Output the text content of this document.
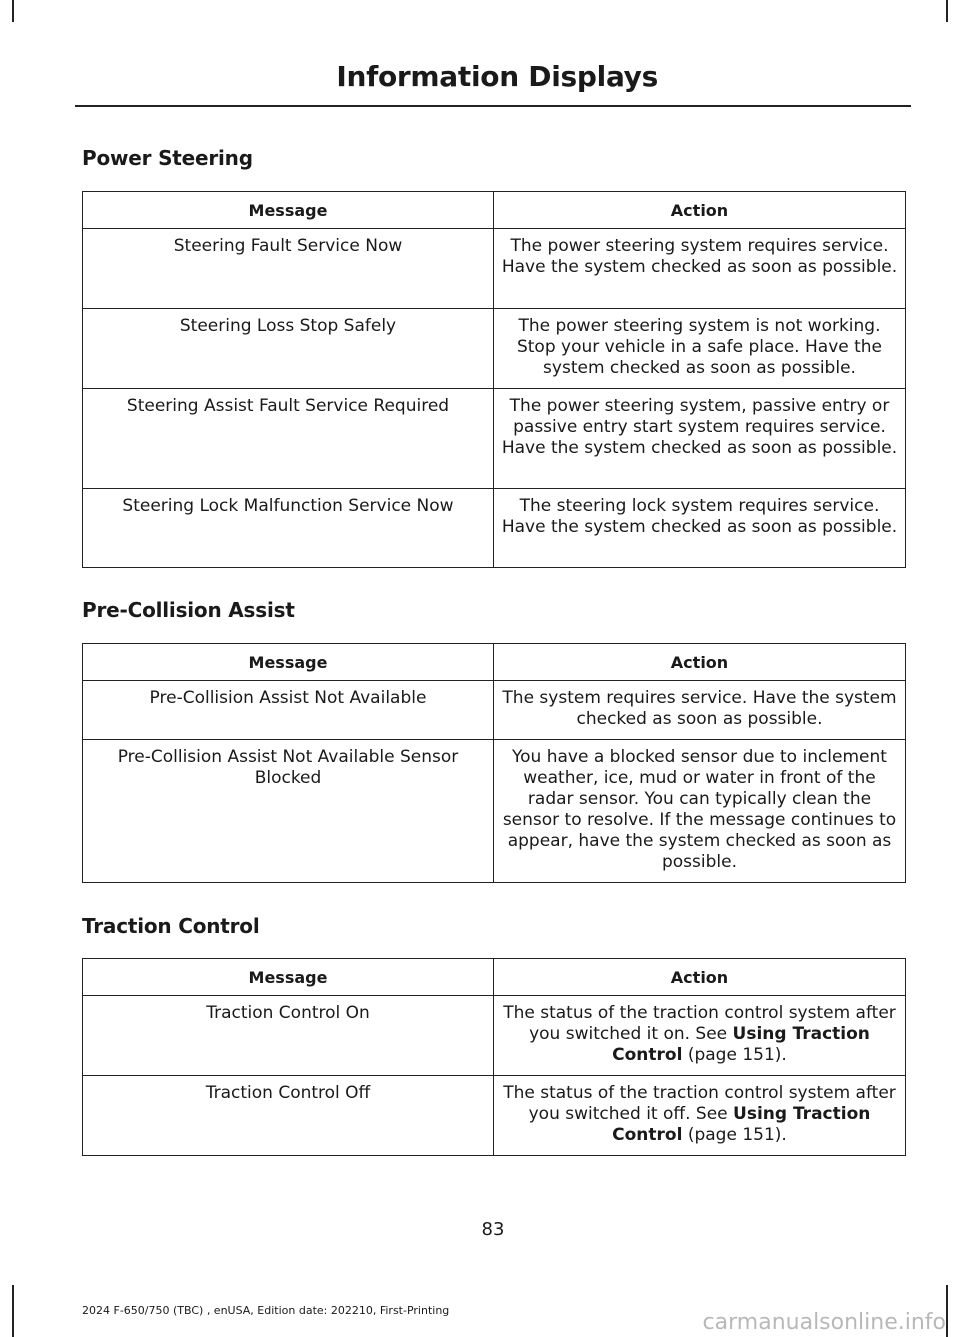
Information Displays
Power Steering
Message	Action
Steering Fault Service Now	The power steering system requires service. Have the system checked as soon as possible.
Steering Loss Stop Safely	The power steering system is not working. Stop your vehicle in a safe place. Have the system checked as soon as possible.
Steering Assist Fault Service Required	The power steering system, passive entry or passive entry start system requires service. Have the system checked as soon as possible.
Steering Lock Malfunction Service Now	The steering lock system requires service. Have the system checked as soon as possible.
Pre-Collision Assist
Message	Action
Pre-Collision Assist Not Available	The system requires service. Have the system checked as soon as possible.
Pre-Collision Assist Not Available Sensor Blocked	You have a blocked sensor due to inclement weather, ice, mud or water in front of the radar sensor. You can typically clean the sensor to resolve. If the message continues to appear, have the system checked as soon as possible.
Traction Control
Message	Action
Traction Control On	The status of the traction control system after you switched it on. See Using Traction Control (page 151).
Traction Control Off	The status of the traction control system after you switched it off. See Using Traction Control (page 151).
83
2024 F-650/750 (TBC) , enUSA, Edition date: 202210, First-Printing	carmanualsonline.info
